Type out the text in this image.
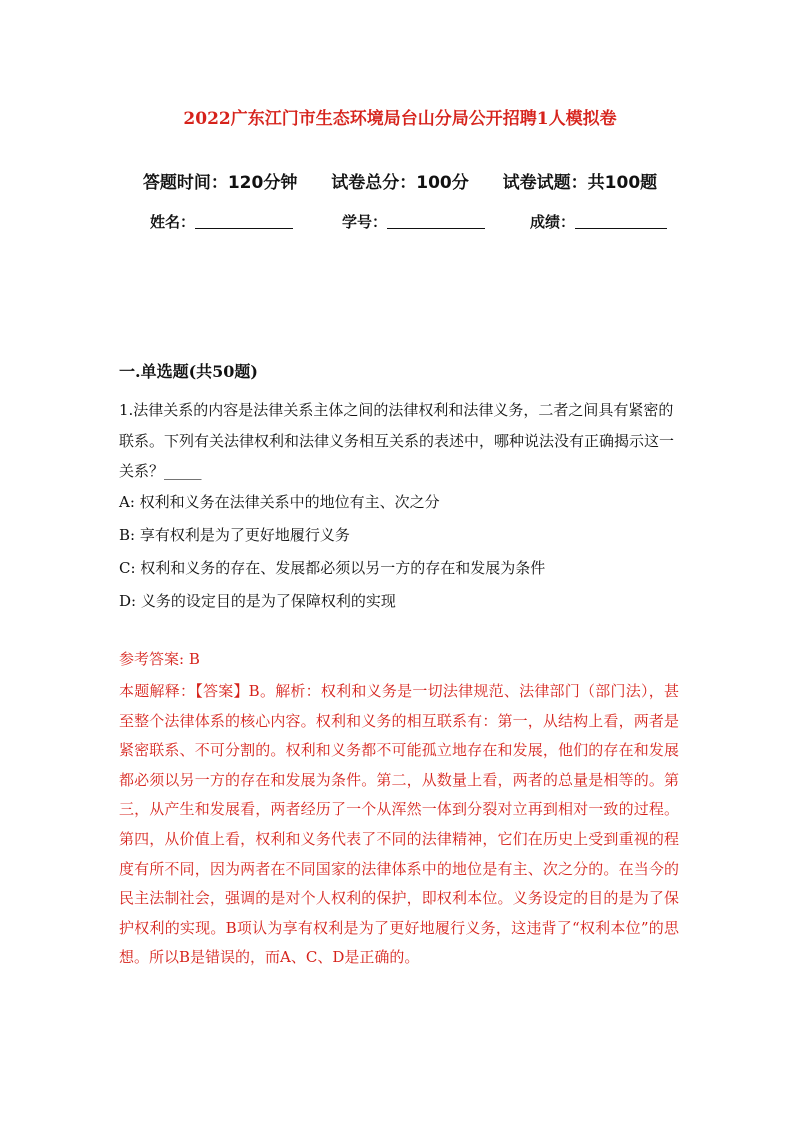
2022广东江门市生态环境局台山分局公开招聘1人模拟卷
答题时间：120分钟 试卷总分：100分 试卷试题：共100题
姓名：	学号：	成绩：
一.单选题(共50题)
1.法律关系的内容是法律关系主体之间的法律权利和法律义务，二者之间具有紧密的联系。下列有关法律权利和法律义务相互关系的表述中，哪种说法没有正确揭示这一关系？_____
A: 权利和义务在法律关系中的地位有主、次之分
B: 享有权利是为了更好地履行义务
C: 权利和义务的存在、发展都必须以另一方的存在和发展为条件
D: 义务的设定目的是为了保障权利的实现
参考答案: B
本题解释：【答案】B。解析：权利和义务是一切法律规范、法律部门（部门法），甚至整个法律体系的核心内容。权利和义务的相互联系有：第一，从结构上看，两者是紧密联系、不可分割的。权利和义务都不可能孤立地存在和发展，他们的存在和发展都必须以另一方的存在和发展为条件。第二，从数量上看，两者的总量是相等的。第三，从产生和发展看，两者经历了一个从浑然一体到分裂对立再到相对一致的过程。第四，从价值上看，权利和义务代表了不同的法律精神，它们在历史上受到重视的程度有所不同，因为两者在不同国家的法律体系中的地位是有主、次之分的。在当今的民主法制社会，强调的是对个人权利的保护，即权利本位。义务设定的目的是为了保护权利的实现。B项认为享有权利是为了更好地履行义务，这违背了“权利本位”的思想。所以B是错误的，而A、C、D是正确的。
